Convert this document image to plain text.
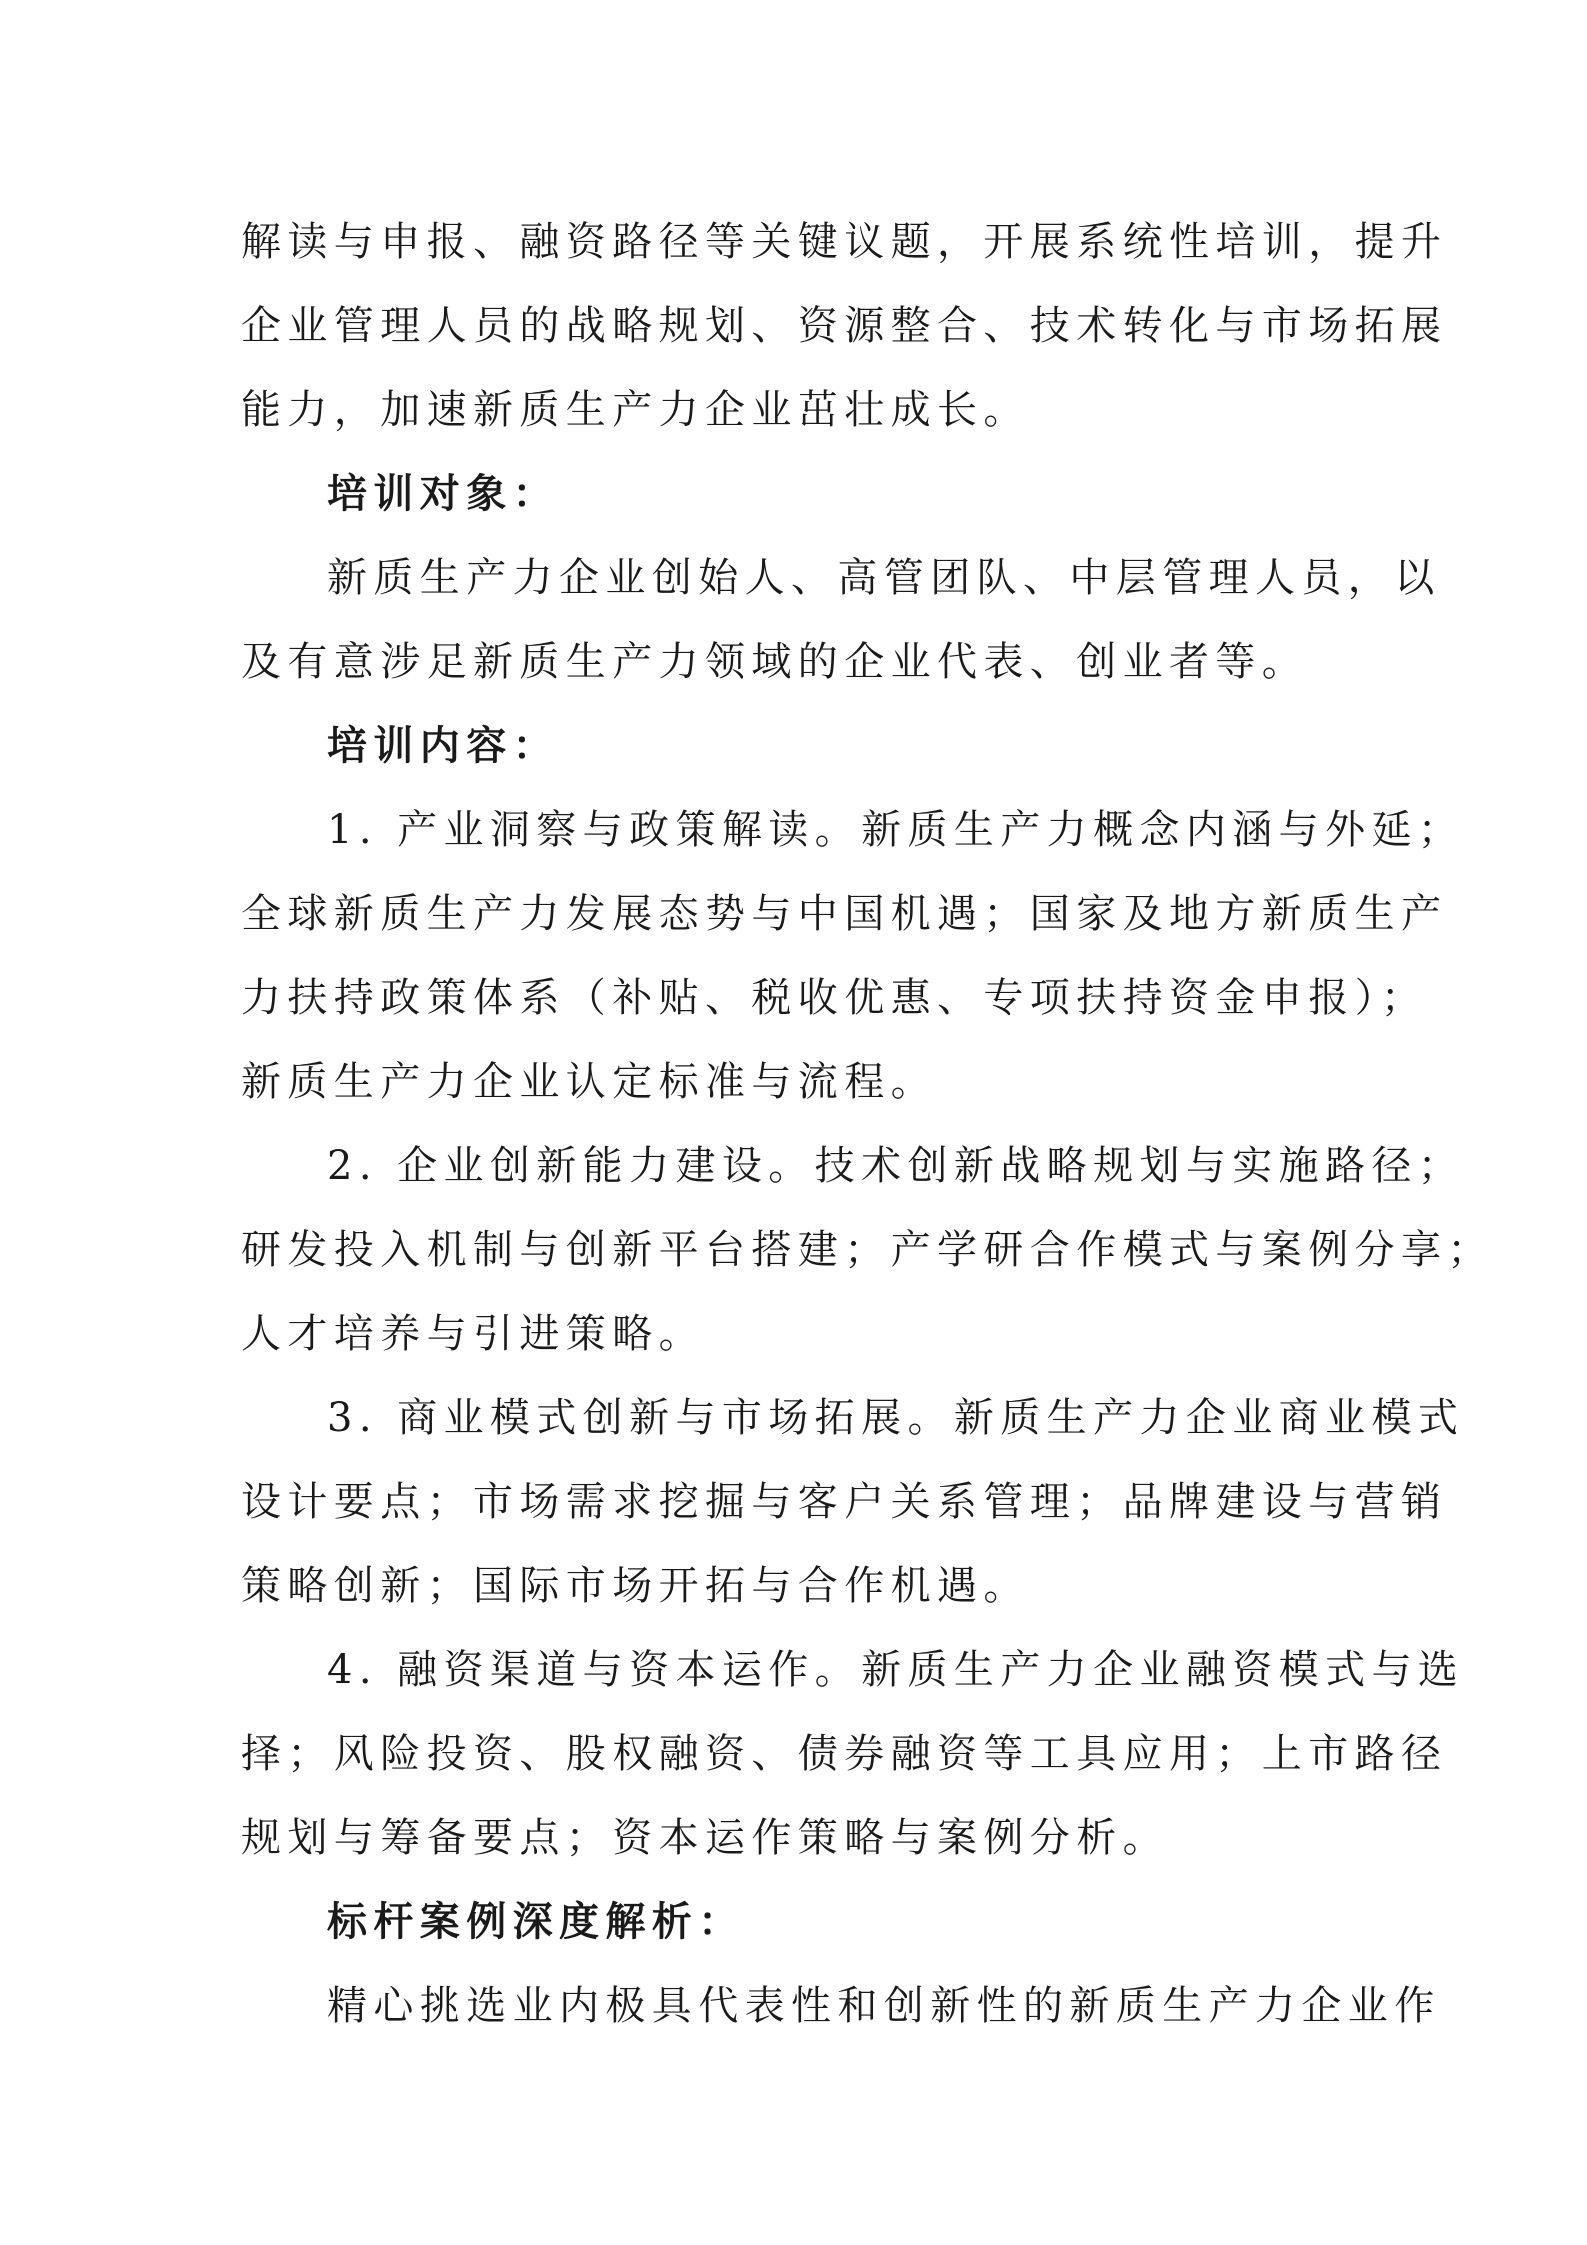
解读与申报、融资路径等关键议题，开展系统性培训，提升
企业管理人员的战略规划、资源整合、技术转化与市场拓展
能力，加速新质生产力企业茁壮成长。
培训对象：
新质生产力企业创始人、高管团队、中层管理人员，以
及有意涉足新质生产力领域的企业代表、创业者等。
培训内容：
1. 产业洞察与政策解读。新质生产力概念内涵与外延；
全球新质生产力发展态势与中国机遇；国家及地方新质生产
力扶持政策体系（补贴、税收优惠、专项扶持资金申报）；
新质生产力企业认定标准与流程。
2. 企业创新能力建设。技术创新战略规划与实施路径；
研发投入机制与创新平台搭建；产学研合作模式与案例分享；
人才培养与引进策略。
3. 商业模式创新与市场拓展。新质生产力企业商业模式
设计要点；市场需求挖掘与客户关系管理；品牌建设与营销
策略创新；国际市场开拓与合作机遇。
4. 融资渠道与资本运作。新质生产力企业融资模式与选
择；风险投资、股权融资、债券融资等工具应用；上市路径
规划与筹备要点；资本运作策略与案例分析。
标杆案例深度解析：
精心挑选业内极具代表性和创新性的新质生产力企业作
